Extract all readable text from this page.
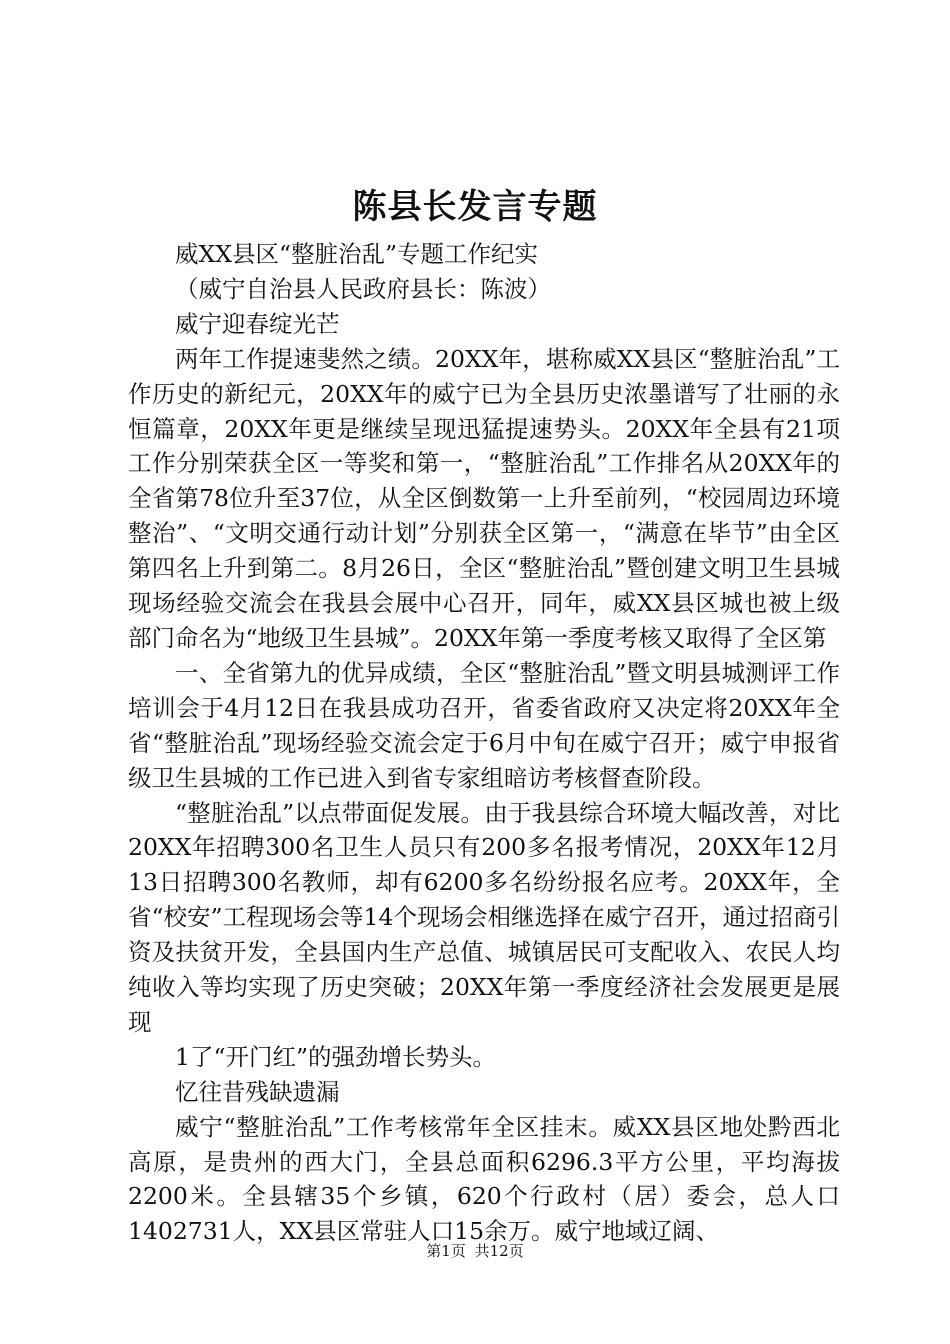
陈县长发言专题

威XX县区“整脏治乱”专题工作纪实

（威宁自治县人民政府县长：陈波）

威宁迎春绽光芒

两年工作提速斐然之绩。20XX年，堪称威XX县区“整脏治乱”工作历史的新纪元，20XX年的威宁已为全县历史浓墨谱写了壮丽的永恒篇章，20XX年更是继续呈现迅猛提速势头。20XX年全县有21项工作分别荣获全区一等奖和第一，“整脏治乱”工作排名从20XX年的全省第78位升至37位，从全区倒数第一上升至前列，“校园周边环境整治”、“文明交通行动计划”分别获全区第一，“满意在毕节”由全区第四名上升到第二。8月26日，全区“整脏治乱”暨创建文明卫生县城现场经验交流会在我县会展中心召开，同年，威XX县区城也被上级部门命名为“地级卫生县城”。20XX年第一季度考核又取得了全区第

一、全省第九的优异成绩，全区“整脏治乱”暨文明县城测评工作培训会于4月12日在我县成功召开，省委省政府又决定将20XX年全省“整脏治乱”现场经验交流会定于6月中旬在威宁召开；威宁申报省级卫生县城的工作已进入到省专家组暗访考核督查阶段。

“整脏治乱”以点带面促发展。由于我县综合环境大幅改善，对比20XX年招聘300名卫生人员只有200多名报考情况，20XX年12月13日招聘300名教师，却有6200多名纷纷报名应考。20XX年，全省“校安”工程现场会等14个现场会相继选择在威宁召开，通过招商引资及扶贫开发，全县国内生产总值、城镇居民可支配收入、农民人均纯收入等均实现了历史突破；20XX年第一季度经济社会发展更是展现

1了“开门红”的强劲增长势头。

忆往昔残缺遗漏

威宁“整脏治乱”工作考核常年全区挂末。威XX县区地处黔西北高原，是贵州的西大门，全县总面积6296.3平方公里，平均海拔2200米。全县辖35个乡镇，620个行政村（居）委会，总人口1402731人，XX县区常驻人口15余万。威宁地域辽阔、

第1页 共12页
